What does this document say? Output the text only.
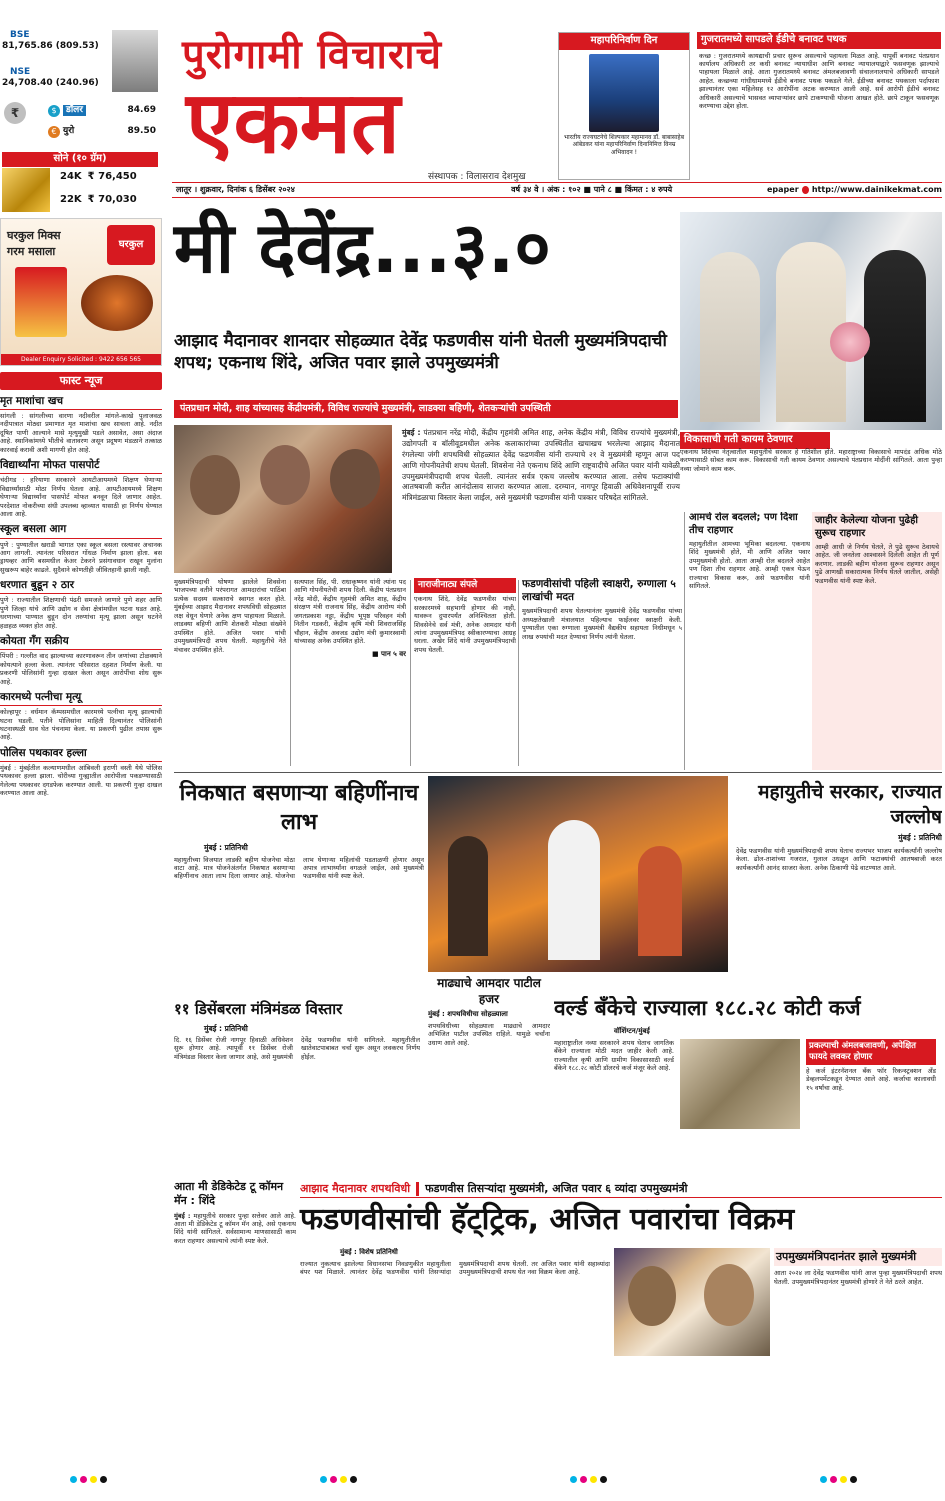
BSE
81,765.86 (809.53)
NSE
24,708.40 (240.96)
₹	$	डॉलर	84.69
€ युरो	89.50
सोने (१० ग्रॅम)
24K ₹ 76,450
22K ₹ 70,030
पुरोगामी विचाराचे
एकमत
संस्थापक : विलासराव देशमुख
महापरिनिर्वाण दिन
भारतीय राज्यघटनेचे शिल्पकार महामानव डॉ. बाबासाहेब आंबेडकर यांना महापरिनिर्वाण दिनानिमित्त विनम्र अभिवादन !
गुजरातमध्ये सापडले ईडीचे बनावट पथक

कच्छ : गुजरातमध्ये कायद्याची प्रचार सुरूच असल्याचे पहायला मिळत आहे. यापूर्वी बनावट पंतप्रधान कार्यालय अधिकारी तर कधी बनावट न्यायाधीश आणि बनावट न्यायालयाद्वारे फसवणूक झाल्याचे पाहायला मिळाले आहे. आता गुजरातमध्ये बनावट अंमलबजावणी संचालनालयाचे अधिकारी सापडले आहेत. कच्छच्या गांधीधाममध्ये ईडीचे बनावट पथक पकडले गेले. ईडीच्या बनावट पथकाला पर्दाफाश झाल्यानंतर एका महिलेसह १२ आरोपींना अटक करण्यात आली आहे. सर्व आरोपी ईडीचे बनावट अधिकारी असल्याचे भासवत व्यापाऱ्यांवर छापे टाकण्याची योजना आखत होते. छापे टाकून फसवणूक करण्याचा उद्देश होता.

लातूर । शुक्रवार, दिनांक ६ डिसेंबर २०२४	वर्ष ३४ वे । अंक : १०२ ■ पाने ८ ■ किंमत : ४ रुपये	epaper http://www.dainikekmat.com
घरकुल मिक्स
गरम मसाला
घरकुल
Dealer Enquiry Solicited : 9422 656 565
फास्ट न्यूज
मृत माशांचा खच

सांगली : सांगलीच्या वारणा नदीवरील मांगले-काखे पुलाजवळ नदीपात्रात मोठ्या प्रमाणात मृत माशांचा खच साचला आहे. नदीत दूषित पाणी आल्याने मासे मृत्युमुखी पडले असावेत, असा अंदाज आहे. स्थानिकांमध्ये भीतीचे वातावरण असून प्रदूषण मंडळाने तत्काळ कारवाई करावी अशी मागणी होत आहे.

विद्यार्थ्यांना मोफत पासपोर्ट

चंदीगड : हरियाणा सरकारने आयटीआयमध्ये शिक्षण घेणाऱ्या विद्यार्थ्यांसाठी मोठा निर्णय घेतला आहे. आयटीआयमध्ये शिक्षण घेणाऱ्या विद्यार्थ्यांना पासपोर्ट मोफत बनवून दिले जाणार आहेत. परदेशात नोकरीच्या संधी उपलब्ध व्हाव्यात यासाठी हा निर्णय घेण्यात आला आहे.

स्कूल बसला आग

पुणे : पुण्यातील खराडी भागात एका स्कूल बसला रस्त्यावर अचानक आग लागली. त्यानंतर परिसरात गोंधळ निर्माण झाला होता. बस ड्रायव्हर आणि बसमधील केअर टेकरने प्रसंगावधान राखून मुलांना सुखरूप बाहेर काढले. सुदैवाने कोणतीही जीवितहानी झाली नाही.

धरणात बुडून २ ठार

पुणे : राज्यातील शिक्षणाची पंढरी समजले जाणारे पुणे शहर आणि पुणे जिल्हा यांचे आणि उद्योग व सेवा क्षेत्रांमधील घटना घडत आहे. धरणाच्या पाण्यात बुडून दोन तरुणांचा मृत्यू झाला असून घटनेने हळहळ व्यक्त होत आहे.

कोयता गँग सक्रीय

पिंपरी : गल्लीत वाद झाल्याच्या कारणावरून तीन जणांच्या टोळक्याने कोयत्याने हल्ला केला. त्यानंतर परिसरात दहशत निर्माण केली. या प्रकरणी पोलिसांनी गुन्हा दाखल केला असून आरोपींचा शोध सुरू आहे.

कारमध्ये पत्नीचा मृत्यू

कोल्हापूर : वर्धमान कॅम्पसमधील कारमध्ये पत्नीचा मृत्यू झाल्याची घटना घडली. पतीने पोलिसांना माहिती दिल्यानंतर पोलिसांनी घटनास्थळी धाव घेत पंचनामा केला. या प्रकरणी पुढील तपास सुरू आहे.

पोलिस पथकावर हल्ला

मुंबई : मुंबईतील कल्याणमधील आंबिवली इराणी वस्ती येथे पोलिस पथकावर हल्ला झाला. चोरीच्या गुन्ह्यातील आरोपीला पकडण्यासाठी गेलेल्या पथकावर दगडफेक करण्यात आली. या प्रकरणी गुन्हा दाखल करण्यात आला आहे.

मी देवेंद्र...३.०
आझाद मैदानावर शानदार सोहळ्यात देवेंद्र फडणवीस यांनी घेतली मुख्यमंत्रिपदाची शपथ; एकनाथ शिंदे, अजित पवार झाले उपमुख्यमंत्री
पंतप्रधान मोदी, शाह यांच्यासह केंद्रीयमंत्री, विविध राज्यांचे मुख्यमंत्री, लाडक्या बहिणी, शेतकऱ्यांची उपस्थिती

मुंबई : पंतप्रधान नरेंद्र मोदी, केंद्रीय गृहमंत्री अमित शाह, अनेक केंद्रीय मंत्री, विविध राज्यांचे मुख्यमंत्री, उद्योगपती व बॉलीवूडमधील अनेक कलाकारांच्या उपस्थितीत खचाखच भरलेल्या आझाद मैदानात रंगलेल्या जंगी शपथविधी सोहळ्यात देवेंद्र फडणवीस यांनी राज्याचे २१ वे मुख्यमंत्री म्हणून आज पद आणि गोपनीयतेची शपथ घेतली. शिवसेना नेते एकनाथ शिंदे आणि राष्ट्रवादीचे अजित पवार यांनी यावेळी उपमुख्यमंत्रीपदाची शपथ घेतली. त्यानंतर सर्वत्र एकच जल्लोष करण्यात आला. तसेच फटाक्यांची आतषबाजी करीत आनंदोत्सव साजरा करण्यात आला. दरम्यान, नागपूर हिवाळी अधिवेशनापूर्वी राज्य मंत्रिमंडळाचा विस्तार केला जाईल, असे मुख्यमंत्री फडणवीस यांनी पत्रकार परिषदेत सांगितले.

विकासाची गती कायम ठेवणार

एकनाथ शिंदेंच्या नेतृत्वातील महायुतीचे सरकार हे गतिशील होते. महाराष्ट्राच्या विकासाचे मापदंड अधिक मोठे करण्यासाठी सोबत काम करू. विकासाची गती कायम ठेवणार असल्याचे पंतप्रधान मोदींनी सांगितले. आता पुन्हा नव्या जोमाने काम करू.

मुख्यमंत्रिपदाची घोषणा झालेले शिवसेना भाजपच्या वतीने परंपरागत आमदारांचा पाठिंबा प्रत्येक सदस्य सत्काराचे स्वागत करत होते. मुंबईच्या आझाद मैदानावर शपथविधी सोहळ्यात लक्ष वेधून घेणारे अनेक क्षण पाहायला मिळाले. लाडक्या बहिणी आणि शेतकरी मोठ्या संख्येने उपस्थित होते. अजित पवार यांची उपमुख्यमंत्रिपदी शपथ घेतली. महायुतीचे नेते मंचावर उपस्थित होते.

सत्यपाल सिंह, पी. राधाकृष्णन यांनी त्यांना पद आणि गोपनीयतेची शपथ दिली. केंद्रीय पंतप्रधान नरेंद्र मोदी, केंद्रीय गृहमंत्री अमित शाह, केंद्रीय संरक्षण मंत्री राजनाथ सिंह, केंद्रीय आरोग्य मंत्री जगतप्रकाश नड्डा, केंद्रीय भूपृष्ठ परिवहन मंत्री नितीन गडकरी, केंद्रीय कृषि मंत्री शिवराजसिंह चौहान, केंद्रीय अवजड उद्योग मंत्री कुमारस्वामी यांच्यासह अनेक उपस्थित होते.

■ पान ५ वर
नाराजीनाट्य संपले

एकनाथ शिंदे, देवेंद्र फडणवीस यांच्या सरकारमध्ये सहभागी होणार की नाही, यावरून दुपारपर्यंत अनिश्चितता होती. शिवसेनेचे सर्व मंत्री, अनेक आमदार यांनी त्यांना उपमुख्यमंत्रिपद स्वीकारण्याचा आग्रह धरला. अखेर शिंदे यांनी उपमुख्यमंत्रिपदाची शपथ घेतली.

फडणवीसांची पहिली स्वाक्षरी, रुग्णाला ५ लाखांची मदत

मुख्यमंत्रिपदाची शपथ घेतल्यानंतर मुख्यमंत्री देवेंद्र फडणवीस यांच्या अध्यक्षतेखाली मंत्रालयात पहिल्याच फाईलवर स्वाक्षरी केली. पुण्यातील एका रुग्णाला मुख्यमंत्री वैद्यकीय सहायता निधीमधून ५ लाख रुपयांची मदत देण्याचा निर्णय त्यांनी घेतला.

आमचे रोल बदलले; पण दिशा तीच राहणार

महायुतीतील आमच्या भूमिका बदलल्या. एकनाथ शिंदे मुख्यमंत्री होते, मी आणि अजित पवार उपमुख्यमंत्री होतो. आता आम्ही रोल बदलले आहेत पण दिशा तीच राहणार आहे. आम्ही एकत्र येऊन राज्याचा विकास करू, असे फडणवीस यांनी सांगितले.

जाहीर केलेल्या योजना पुढेही सुरूच राहणार

आम्ही आधी जे निर्णय घेतले, ते पुढे सुरूच ठेवायचे आहेत. जी जनतेला आश्वासने दिलेली आहेत ती पूर्ण करणार. लाडकी बहीण योजना सुरूच राहणार असून पुढे आणखी सकारात्मक निर्णय घेतले जातील, असेही फडणवीस यांनी स्पष्ट केले.

निकषात बसणाऱ्या बहिणींनाच लाभ
मुंबई : प्रतिनिधी

महायुतीच्या विजयात लाडकी बहीण योजनेचा मोठा वाटा आहे. मात्र योजनेअंतर्गत निकषात बसणाऱ्या बहिणींनाच आता लाभ दिला जाणार आहे. योजनेचा लाभ घेणाऱ्या महिलांची पडताळणी होणार असून अपात्र लाभार्थ्यांना वगळले जाईल, असे मुख्यमंत्री फडणवीस यांनी स्पष्ट केले.

महायुतीचे सरकार, राज्यात जल्लोष
मुंबई : प्रतिनिधी

देवेंद्र फडणवीस यांनी मुख्यमंत्रिपदाची शपथ घेताच राज्यभर भाजप कार्यकर्त्यांनी जल्लोष केला. ढोल-ताशांच्या गजरात, गुलाल उधळून आणि फटाक्यांची आतषबाजी करत कार्यकर्त्यांनी आनंद साजरा केला. अनेक ठिकाणी पेढे वाटण्यात आले.

११ डिसेंबरला मंत्रिमंडळ विस्तार
मुंबई : प्रतिनिधी

दि. १६ डिसेंबर रोजी नागपूर हिवाळी अधिवेशन सुरू होणार आहे. त्यापूर्वी ११ डिसेंबर रोजी मंत्रिमंडळ विस्तार केला जाणार आहे, असे मुख्यमंत्री देवेंद्र फडणवीस यांनी सांगितले. महायुतीतील खातेवाटपाबाबत चर्चा सुरू असून लवकरच निर्णय होईल.

माढ्याचे आमदार पाटील हजर
मुंबई : शपथविधीचा सोहळ्याला

शपथविधीच्या सोहळ्याला माढ्याचे आमदार अभिजित पाटील उपस्थित राहिले. यामुळे चर्चांना उधाण आले आहे.

वर्ल्ड बँकेचे राज्याला १८८.२८ कोटी कर्ज
वॉशिंग्टन/मुंबई

महाराष्ट्रातील नव्या सरकारने शपथ घेताच जागतिक बँकेने राज्याला मोठी मदत जाहीर केली आहे. राज्यातील कृषी आणि ग्रामीण विकासासाठी वर्ल्ड बँकेने १८८.२८ कोटी डॉलरचे कर्ज मंजूर केले आहे.

प्रकल्पाची अंमलबजावणी, अपेक्षित फायदे लवकर होणार

हे कर्ज इंटरनॅशनल बँक फॉर रिकन्स्ट्रक्शन अँड डेव्हलपमेंटकडून देण्यात आले आहे. कर्जाचा कालावधी १५ वर्षांचा आहे.

आझाद मैदानावर शपथविधी फडणवीस तिसऱ्यांदा मुख्यमंत्री, अजित पवार ६ व्यांदा उपमुख्यमंत्री
आता मी डेडिकेटेड टू कॉमन मॅन : शिंदे

मुंबई : महायुतीचे सरकार पुन्हा सत्तेवर आले आहे. आता मी डेडिकेटेड टू कॉमन मॅन आहे, असे एकनाथ शिंदे यांनी सांगितले. सर्वसामान्य माणसासाठी काम करत राहणार असल्याचे त्यांनी स्पष्ट केले.

फडणवीसांची हॅट्ट्रिक, अजित पवारांचा विक्रम
मुंबई : विशेष प्रतिनिधी

राज्यात नुकत्याच झालेल्या विधानसभा निवडणुकीत महायुतीला बंपर यश मिळाले. त्यानंतर देवेंद्र फडणवीस यांनी तिसऱ्यांदा मुख्यमंत्रिपदाची शपथ घेतली. तर अजित पवार यांनी सहाव्यांदा उपमुख्यमंत्रिपदाची शपथ घेत नवा विक्रम केला आहे.

उपमुख्यमंत्रिपदानंतर झाले मुख्यमंत्री

आता २०२४ ला देवेंद्र फडणवीस यांनी आज पुन्हा मुख्यमंत्रिपदाची शपथ घेतली. उपमुख्यमंत्रिपदानंतर मुख्यमंत्री होणारे ते नेते ठरले आहेत.
